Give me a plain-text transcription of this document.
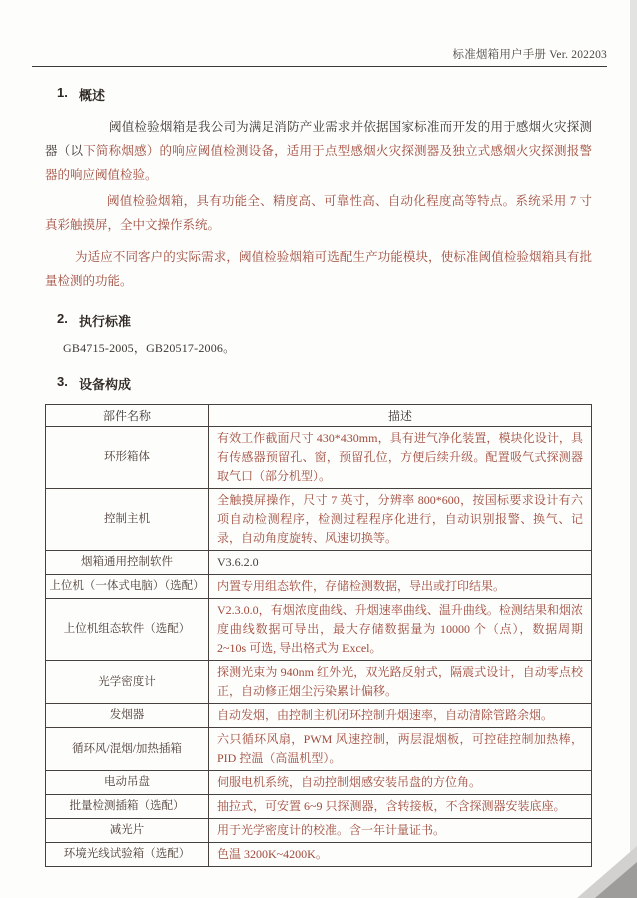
标准烟箱用户手册 Ver. 202203
1. 概述

阈值检验烟箱是我公司为满足消防产业需求并依据国家标准而开发的用于感烟火灾探测器（以下简称烟感）的响应阈值检测设备，适用于点型感烟火灾探测器及独立式感烟火灾探测报警器的响应阈值检验。

阈值检验烟箱，具有功能全、精度高、可靠性高、自动化程度高等特点。系统采用 7 寸真彩触摸屏，全中文操作系统。

为适应不同客户的实际需求，阈值检验烟箱可选配生产功能模块，使标准阈值检验烟箱具有批量检测的功能。

2. 执行标准
GB4715-2005，GB20517-2006。
3. 设备构成
部件名称	描述
环形箱体	有效工作截面尺寸 430*430mm，具有进气净化装置，模块化设计，具有传感器预留孔、窗，预留孔位，方便后续升级。配置吸气式探测器取气口（部分机型）。
控制主机	全触摸屏操作，尺寸 7 英寸，分辨率 800*600，按国标要求设计有六项自动检测程序，检测过程程序化进行，自动识别报警、换气、记录，自动角度旋转、风速切换等。
烟箱通用控制软件	V3.6.2.0
上位机（一体式电脑）（选配）	内置专用组态软件，存储检测数据，导出或打印结果。
上位机组态软件（选配）	V2.3.0.0，有烟浓度曲线、升烟速率曲线、温升曲线。检测结果和烟浓度曲线数据可导出，最大存储数据量为 10000 个（点），数据周期 2~10s 可选, 导出格式为 Excel。
光学密度计	探测光束为 940nm 红外光，双光路反射式，隔震式设计，自动零点校正，自动修正烟尘污染累计偏移。
发烟器	自动发烟，由控制主机闭环控制升烟速率，自动清除管路余烟。
循环风/混烟/加热插箱	六只循环风扇，PWM 风速控制，两层混烟板，可控硅控制加热棒，PID 控温（高温机型）。
电动吊盘	伺服电机系统，自动控制烟感安装吊盘的方位角。
批量检测插箱（选配）	抽拉式，可安置 6~9 只探测器，含转接板，不含探测器安装底座。
减光片	用于光学密度计的校准。含一年计量证书。
环境光线试验箱（选配）	色温 3200K~4200K。
